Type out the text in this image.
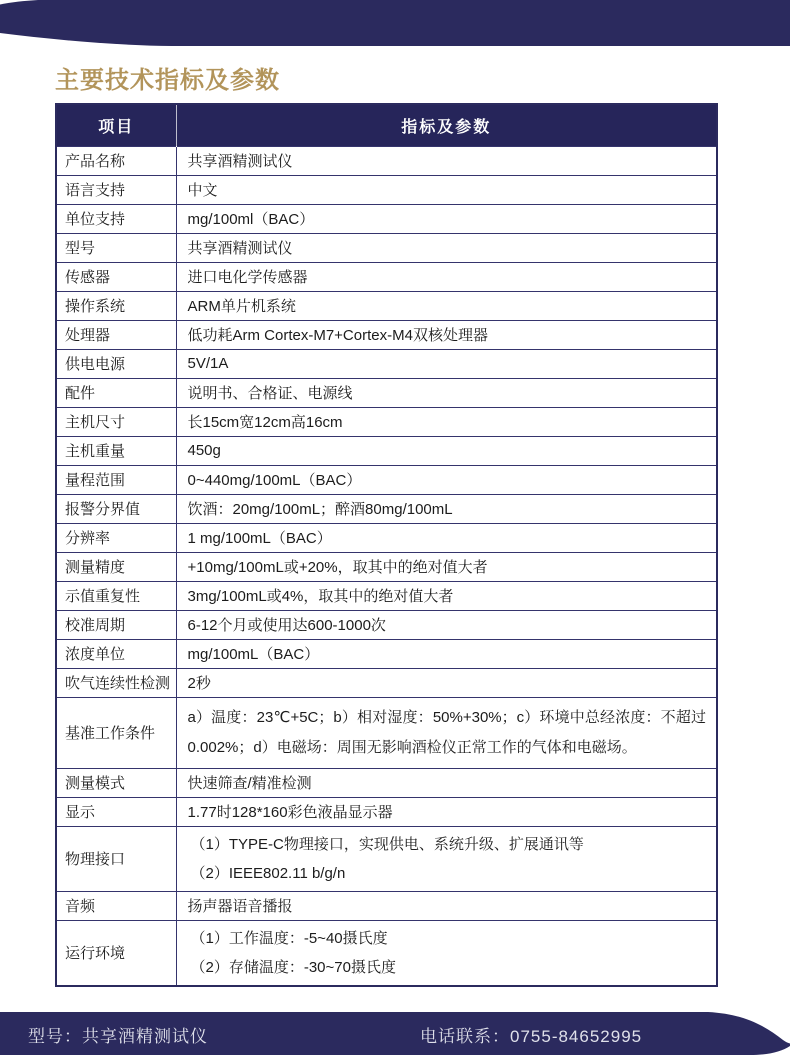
主要技术指标及参数
项目	指标及参数
产品名称	共享酒精测试仪
语言支持	中文
单位支持	mg/100ml（BAC）
型号	共享酒精测试仪
传感器	进口电化学传感器
操作系统	ARM单片机系统
处理器	低功耗Arm Cortex-M7+Cortex-M4双核处理器
供电电源	5V/1A
配件	说明书、合格证、电源线
主机尺寸	长15cm宽12cm高16cm
主机重量	450g
量程范围	0~440mg/100mL（BAC）
报警分界值	饮酒：20mg/100mL；醉酒80mg/100mL
分辨率	1 mg/100mL（BAC）
测量精度	+10mg/100mL或+20%，取其中的绝对值大者
示值重复性	3mg/100mL或4%，取其中的绝对值大者
校准周期	6-12个月或使用达600-1000次
浓度单位	mg/100mL（BAC）
吹气连续性检测	2秒
基准工作条件	a）温度：23℃+5C；b）相对湿度：50%+30%；c）环境中总经浓度：不超过0.002%；d）电磁场：周围无影响酒检仪正常工作的气体和电磁场。
测量模式	快速筛查/精准检测
显示	1.77时128*160彩色液晶显示器
物理接口	（1）TYPE-C物理接口，实现供电、系统升级、扩展通讯等
（2）IEEE802.11 b/g/n

音频	扬声器语音播报
运行环境	（1）工作温度：-5~40摄氏度
（2）存储温度：-30~70摄氏度
型号：共享酒精测试仪	电话联系：0755-84652995
